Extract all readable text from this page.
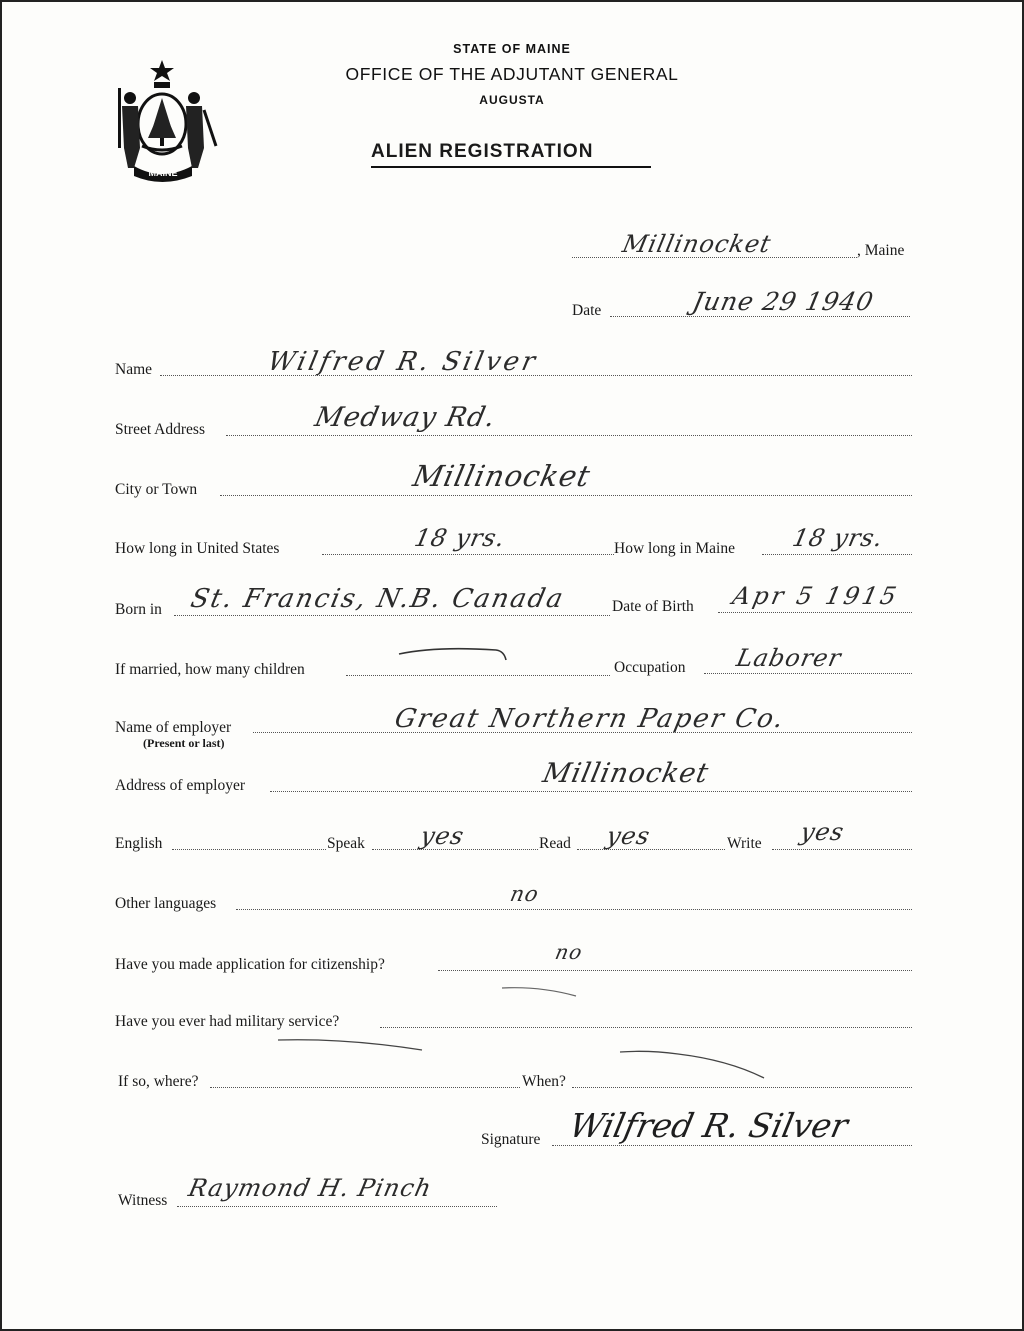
MAINE
STATE OF MAINE
OFFICE OF THE ADJUTANT GENERAL
AUGUSTA
ALIEN REGISTRATION
Millinocket	, Maine
Date	June 29 1940
Name	Wilfred R. Silver
Street Address	Medway Rd.
City or Town	Millinocket
How long in United States	18 yrs.	How long in Maine 18 yrs.
Born in St. Francis, N.B. Canada	Date of Birth Apr 5 1915
If married, how many children	Occupation Laborer
Name of employer
(Present or last)
Great Northern Paper Co.
Address of employer	Millinocket
English	Speak yes	Read yes	Write yes
Other languages	no
Have you made application for citizenship?
no
Have you ever had military service?
If so, where?	When?
Signature Wilfred R. Silver
Witness Raymond H. Pinch
